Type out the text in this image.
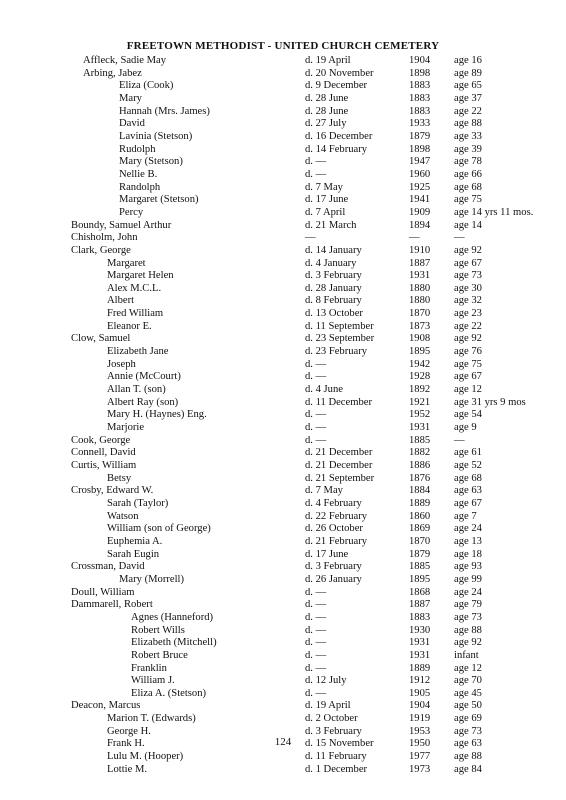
FREETOWN METHODIST - UNITED CHURCH CEMETERY
Affleck, Sadie May	d. 19 April	1904 age 16
Arbing, Jabez	d. 20 November	1898 age 89
Eliza (Cook)	d. 9 December	1883 age 65
Mary	d. 28 June	1883 age 37
Hannah (Mrs. James)	d. 28 June	1883 age 22
David	d. 27 July	1933 age 88
Lavinia (Stetson)	d. 16 December	1879 age 33
Rudolph	d. 14 February	1898 age 39
Mary (Stetson)	d. —	1947 age 78
Nellie B.	d. —	1960 age 66
Randolph	d. 7 May	1925 age 68
Margaret (Stetson)	d. 17 June	1941 age 75
Percy	d. 7 April	1909 age 14 yrs 11 mos.
Boundy, Samuel Arthur	d. 21 March	1894 age 14
Chisholm, John	—	—	—
Clark, George	d. 14 January	1910 age 92
Margaret	d. 4 January	1887 age 67
Margaret Helen	d. 3 February	1931 age 73
Alex M.C.L.	d. 28 January	1880 age 30
Albert	d. 8 February	1880 age 32
Fred William	d. 13 October	1870 age 23
Eleanor E.	d. 11 September	1873 age 22
Clow, Samuel	d. 23 September	1908 age 92
Elizabeth Jane	d. 23 February	1895 age 76
Joseph	d. —	1942 age 75
Annie (McCourt)	d. —	1928 age 67
Allan T. (son)	d. 4 June	1892 age 12
Albert Ray (son)	d. 11 December	1921 age 31 yrs 9 mos
Mary H. (Haynes) Eng.	d. —	1952 age 54
Marjorie	d. —	1931 age 9
Cook, George	d. —	1885 —
Connell, David	d. 21 December	1882 age 61
Curtis, William	d. 21 December	1886 age 52
Betsy	d. 21 September	1876 age 68
Crosby, Edward W.	d. 7 May	1884 age 63
Sarah (Taylor)	d. 4 February	1889 age 67
Watson	d. 22 February	1860 age 7
William (son of George)	d. 26 October	1869 age 24
Euphemia A.	d. 21 February	1870 age 13
Sarah Eugin	d. 17 June	1879 age 18
Crossman, David	d. 3 February	1885 age 93
Mary (Morrell)	d. 26 January	1895 age 99
Doull, William	d. —	1868 age 24
Dammarell, Robert	d. —	1887 age 79
Agnes (Hanneford)	d. —	1883 age 73
Robert Wills	d. —	1930 age 88
Elizabeth (Mitchell)	d. —	1931 age 92
Robert Bruce	d. —	1931 infant
Franklin	d. —	1889 age 12
William J.	d. 12 July	1912 age 70
Eliza A. (Stetson)	d. —	1905 age 45
Deacon, Marcus	d. 19 April	1904 age 50
Marion T. (Edwards)	d. 2 October	1919 age 69
George H.	d. 3 February	1953 age 73
Frank H.	d. 15 November	1950 age 63
Lulu M. (Hooper)	d. 11 February	1977 age 88
Lottie M.	d. 1 December	1973 age 84
124
